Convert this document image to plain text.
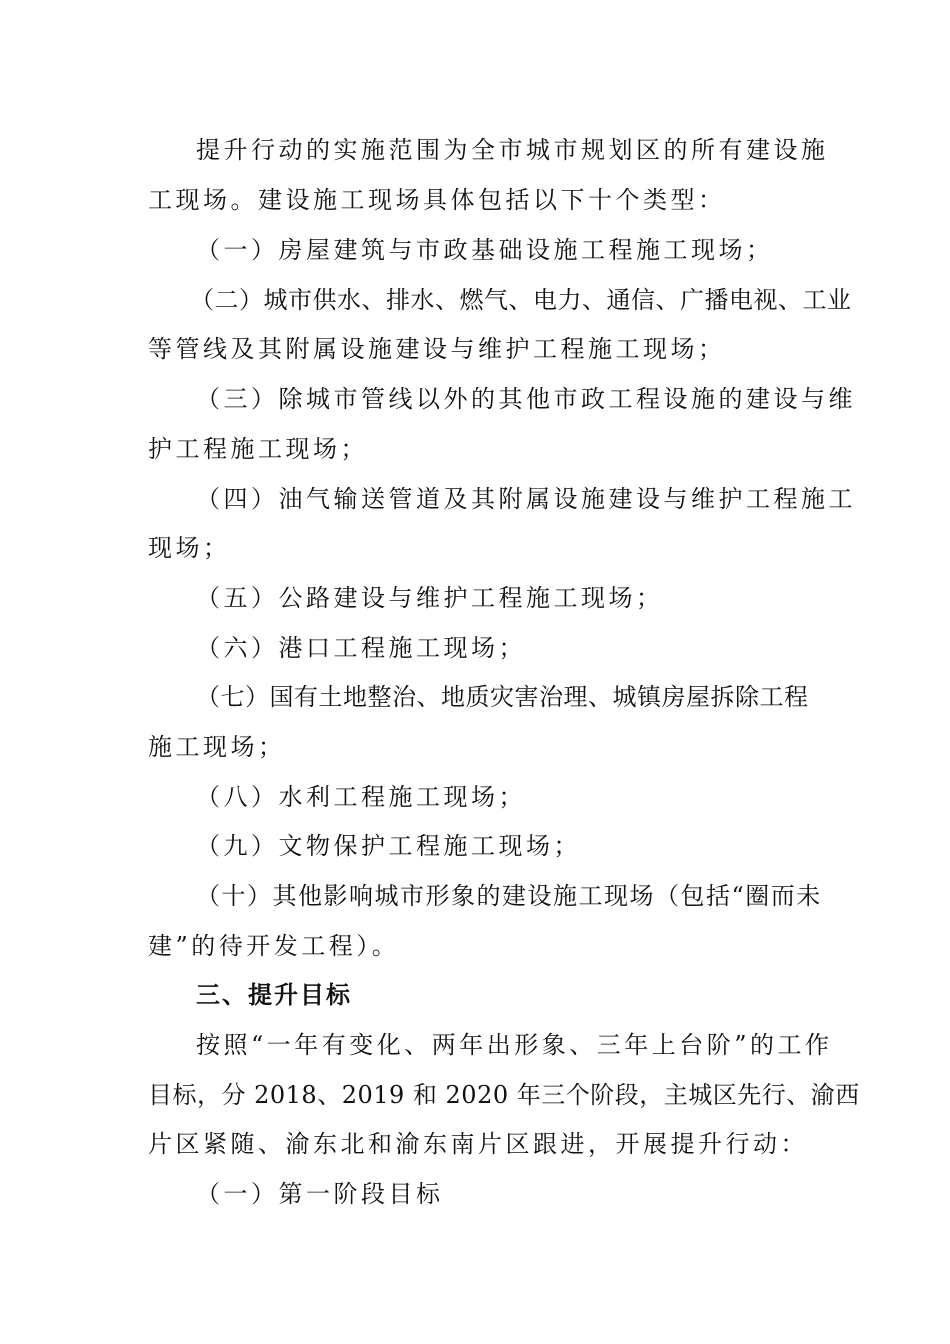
提升行动的实施范围为全市城市规划区的所有建设施
工现场。建设施工现场具体包括以下十个类型：
（一）房屋建筑与市政基础设施工程施工现场；
（二）城市供水、排水、燃气、电力、通信、广播电视、工业
等管线及其附属设施建设与维护工程施工现场；
（三）除城市管线以外的其他市政工程设施的建设与维
护工程施工现场；
（四）油气输送管道及其附属设施建设与维护工程施工
现场；
（五）公路建设与维护工程施工现场；
（六）港口工程施工现场；
（七）国有土地整治、地质灾害治理、城镇房屋拆除工程
施工现场；
（八）水利工程施工现场；
（九）文物保护工程施工现场；
（十）其他影响城市形象的建设施工现场（包括“圈而未
建”的待开发工程）。
三、提升目标
按照“一年有变化、两年出形象、三年上台阶”的工作
目标，分 2018、2019 和 2020 年三个阶段，主城区先行、渝西
片区紧随、渝东北和渝东南片区跟进，开展提升行动：
（一）第一阶段目标
